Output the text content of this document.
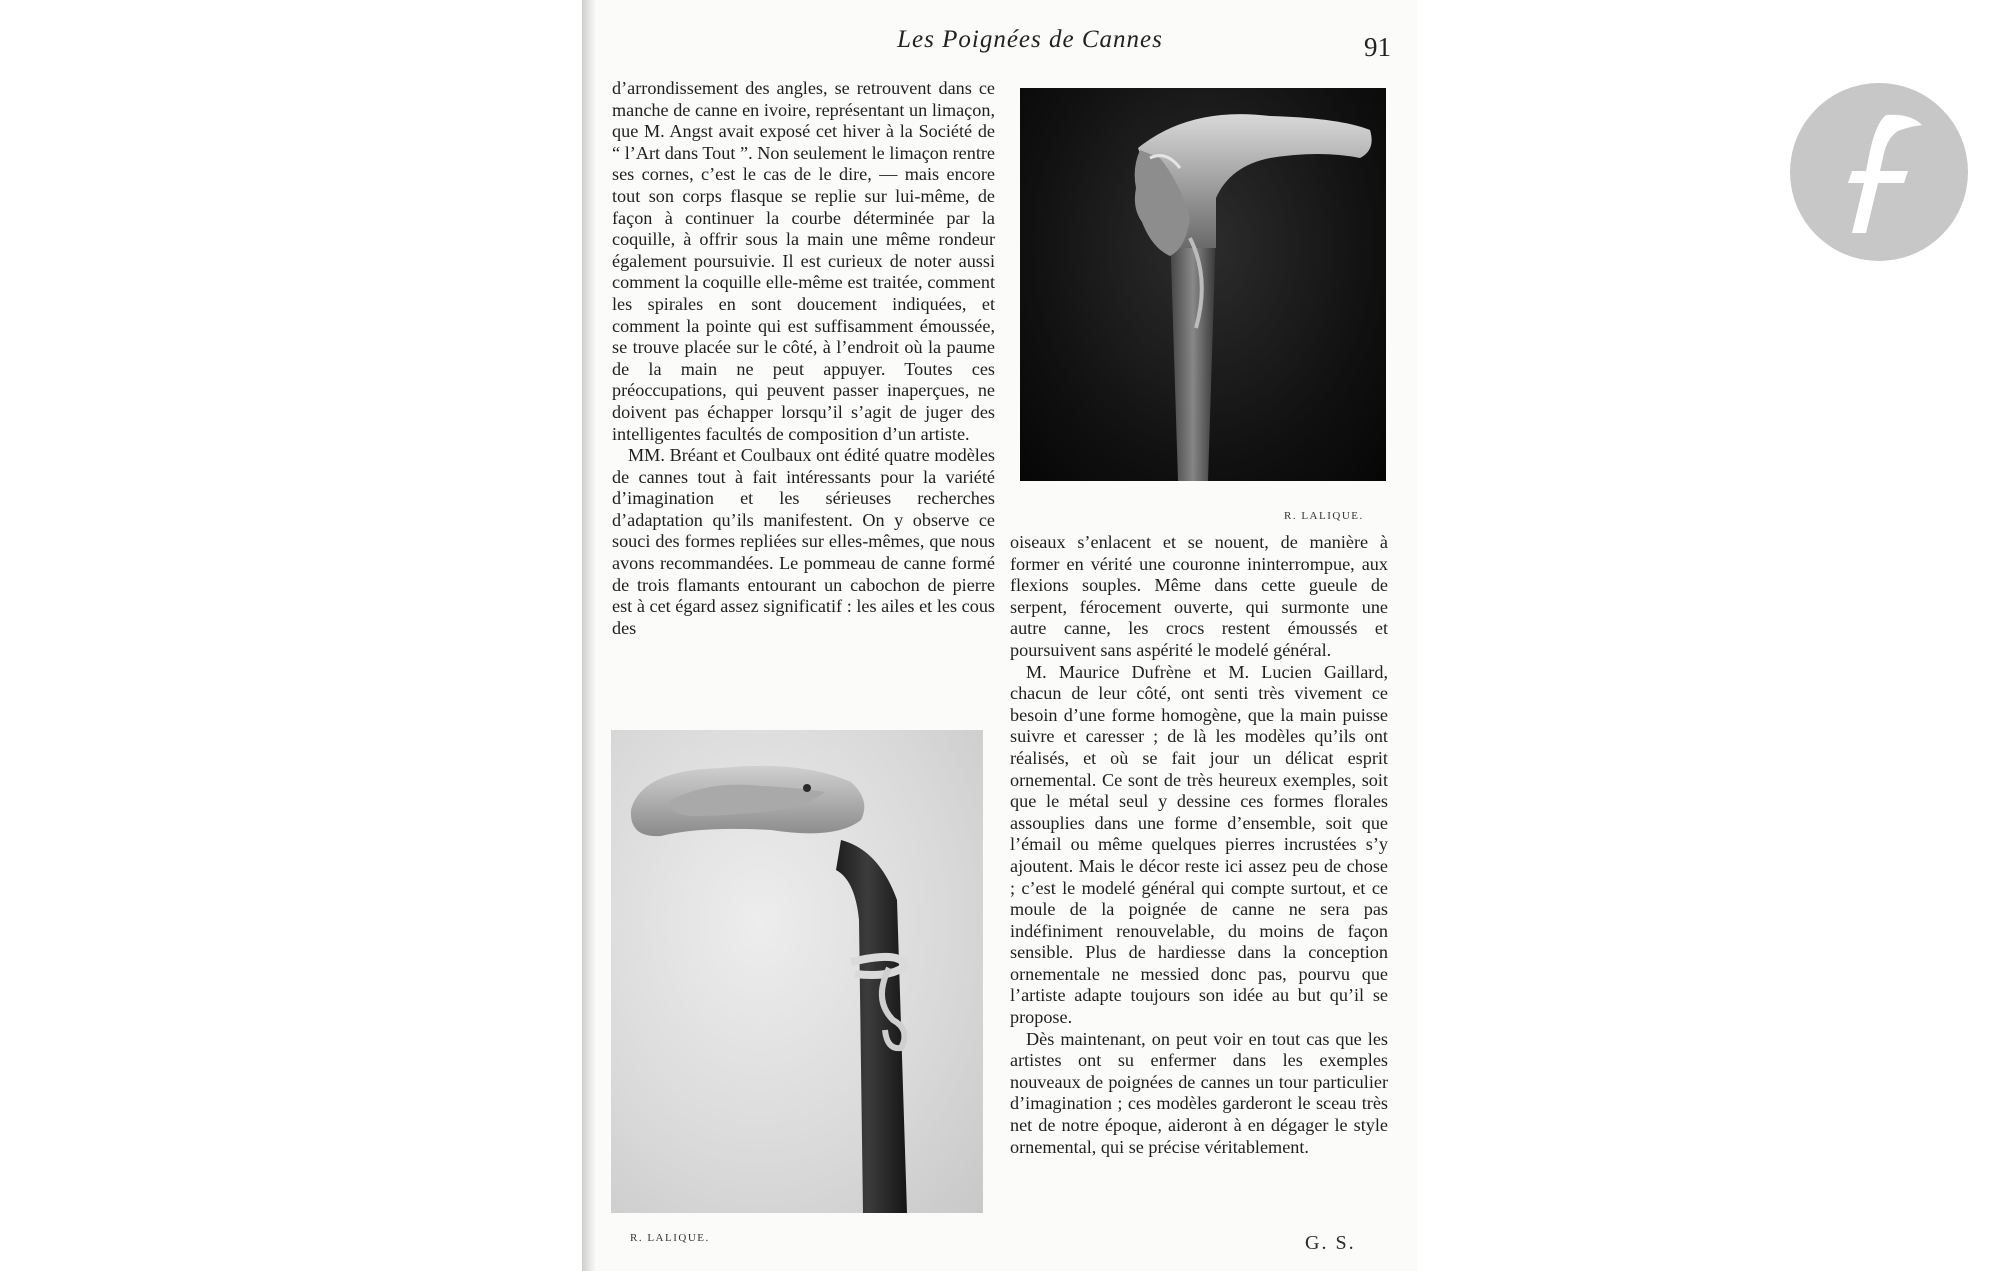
Les Poignées de Cannes	91

d’arrondissement des angles, se retrouvent dans ce manche de canne en ivoire, représentant un limaçon, que M. Angst avait exposé cet hiver à la Société de “ l’Art dans Tout ”. Non seulement le limaçon rentre ses cornes, c’est le cas de le dire, — mais encore tout son corps flasque se replie sur lui-même, de façon à continuer la courbe déterminée par la coquille, à offrir sous la main une même rondeur également poursuivie. Il est curieux de noter aussi comment la coquille elle-même est traitée, comment les spirales en sont doucement indiquées, et comment la pointe qui est suffisamment émoussée, se trouve placée sur le côté, à l’endroit où la paume de la main ne peut appuyer. Toutes ces préoccupations, qui peuvent passer inaperçues, ne doivent pas échapper lorsqu’il s’agit de juger des intelligentes facultés de composition d’un artiste.

MM. Bréant et Coulbaux ont édité quatre modèles de cannes tout à fait intéressants pour la variété d’imagination et les sérieuses recherches d’adaptation qu’ils manifestent. On y observe ce souci des formes repliées sur elles-mêmes, que nous avons recommandées. Le pommeau de canne formé de trois flamants entourant un cabochon de pierre est à cet égard assez significatif : les ailes et les cous des

R. LALIQUE.

oiseaux s’enlacent et se nouent, de manière à former en vérité une couronne ininterrompue, aux flexions souples. Même dans cette gueule de serpent, férocement ouverte, qui surmonte une autre canne, les crocs restent émoussés et poursuivent sans aspérité le modelé général.

M. Maurice Dufrène et M. Lucien Gaillard, chacun de leur côté, ont senti très vivement ce besoin d’une forme homogène, que la main puisse suivre et caresser ; de là les modèles qu’ils ont réalisés, et où se fait jour un délicat esprit ornemental. Ce sont de très heureux exemples, soit que le métal seul y dessine ces formes florales assouplies dans une forme d’ensemble, soit que l’émail ou même quelques pierres incrustées s’y ajoutent. Mais le décor reste ici assez peu de chose ; c’est le modelé général qui compte surtout, et ce moule de la poignée de canne ne sera pas indéfiniment renouvelable, du moins de façon sensible. Plus de hardiesse dans la conception ornementale ne messied donc pas, pourvu que l’artiste adapte toujours son idée au but qu’il se propose.

Dès maintenant, on peut voir en tout cas que les artistes ont su enfermer dans les exemples nouveaux de poignées de cannes un tour particulier d’imagination ; ces modèles garderont le sceau très net de notre époque, aideront à en dégager le style ornemental, qui se précise véritablement.

R. LALIQUE.	G. S.
